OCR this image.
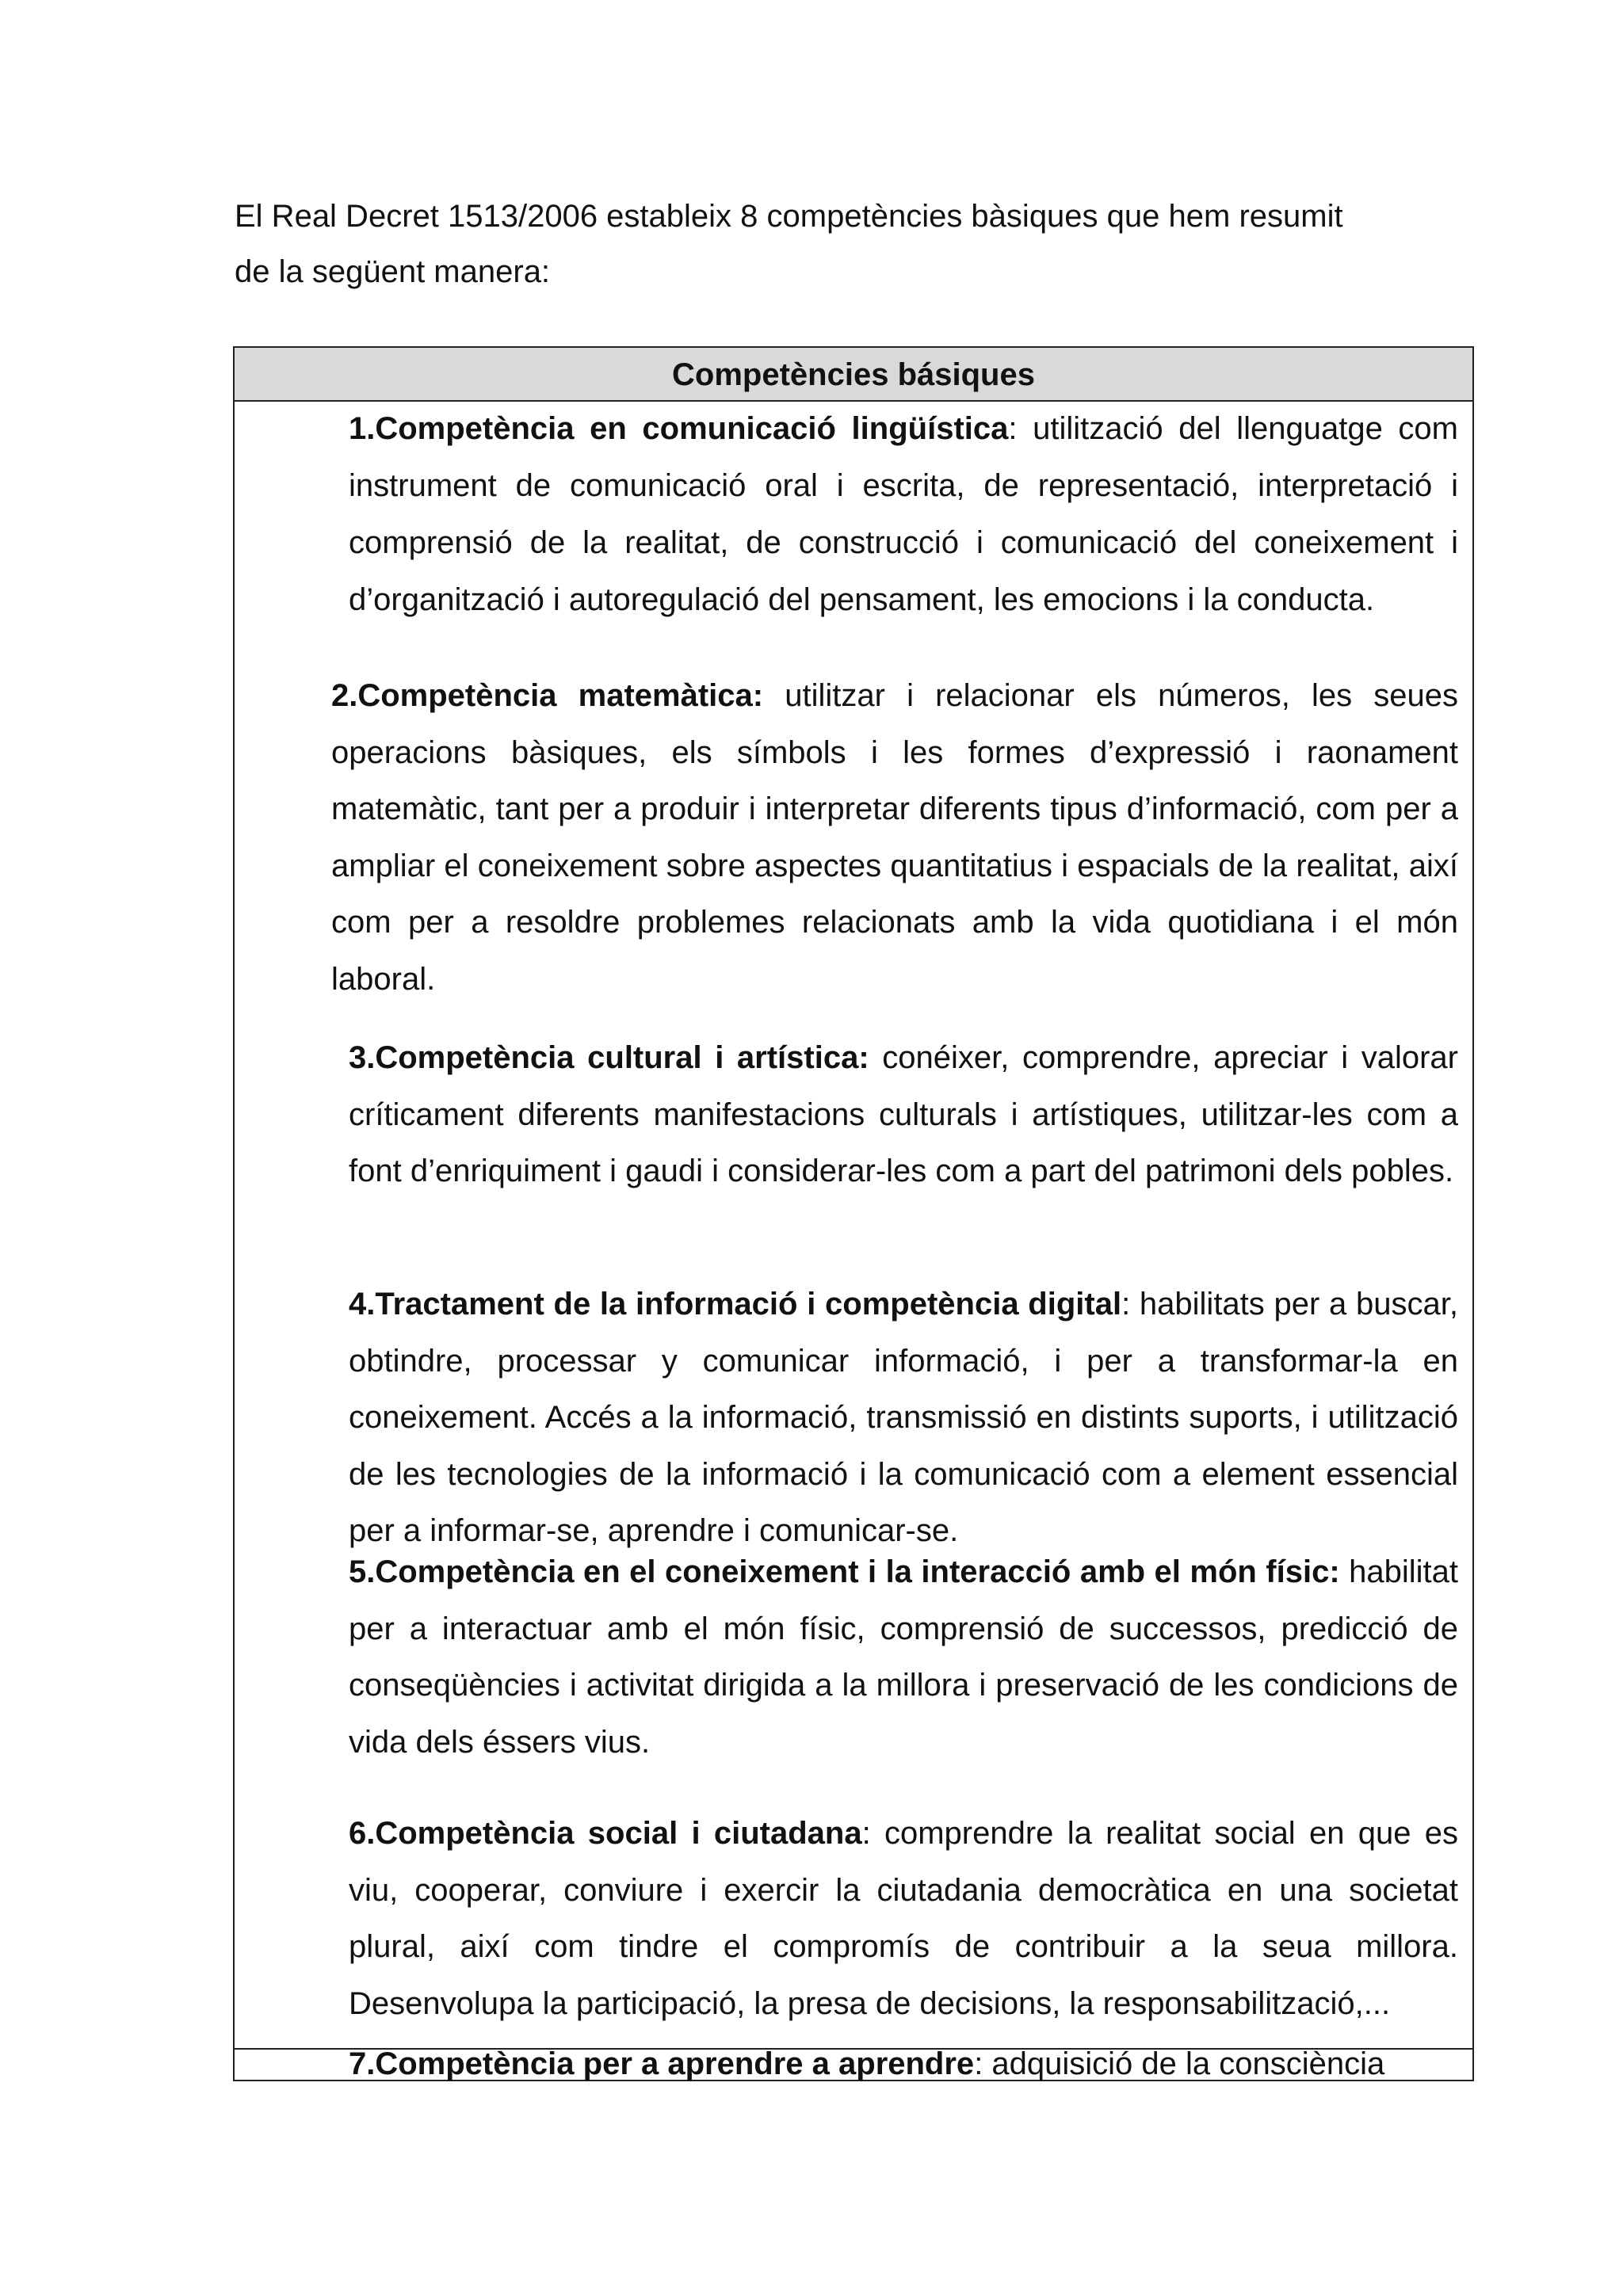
El Real Decret 1513/2006 estableix 8 competències bàsiques que hem resumit
de la següent manera:

Competències básiques

1.Competència en comunicació lingüística: utilització del llenguatge com instrument de comunicació oral i escrita, de representació, interpretació i comprensió de la realitat, de construcció i comunicació del coneixement i d’organització i autoregulació del pensament, les emocions i la conducta.

2.Competència matemàtica: utilitzar i relacionar els números, les seues operacions bàsiques, els símbols i les formes d’expressió i raonament matemàtic, tant per a produir i interpretar diferents tipus d’informació, com per a ampliar el coneixement sobre aspectes quantitatius i espacials de la realitat, així com per a resoldre problemes relacionats amb la vida quotidiana i el món laboral.

3.Competència cultural i artística: conéixer, comprendre, apreciar i valorar críticament diferents manifestacions culturals i artístiques, utilitzar-les com a font d’enriquiment i gaudi i considerar-les com a part del patrimoni dels pobles.

4.Tractament de la informació i competència digital: habilitats per a buscar, obtindre, processar y comunicar informació, i per a transformar-la en coneixement. Accés a la informació, transmissió en distints suports, i utilització de les tecnologies de la informació i la comunicació com a element essencial per a informar-se, aprendre i comunicar-se.

5.Competència en el coneixement i la interacció amb el món físic: habilitat per a interactuar amb el món físic, comprensió de successos, predicció de conseqüències i activitat dirigida a la millora i preservació de les condicions de vida dels éssers vius.

6.Competència social i ciutadana: comprendre la realitat social en que es viu, cooperar, conviure i exercir la ciutadania democràtica en una societat plural, així com tindre el compromís de contribuir a la seua millora. Desenvolupa la participació, la presa de decisions, la responsabilització,...

7.Competència per a aprendre a aprendre: adquisició de la consciència
